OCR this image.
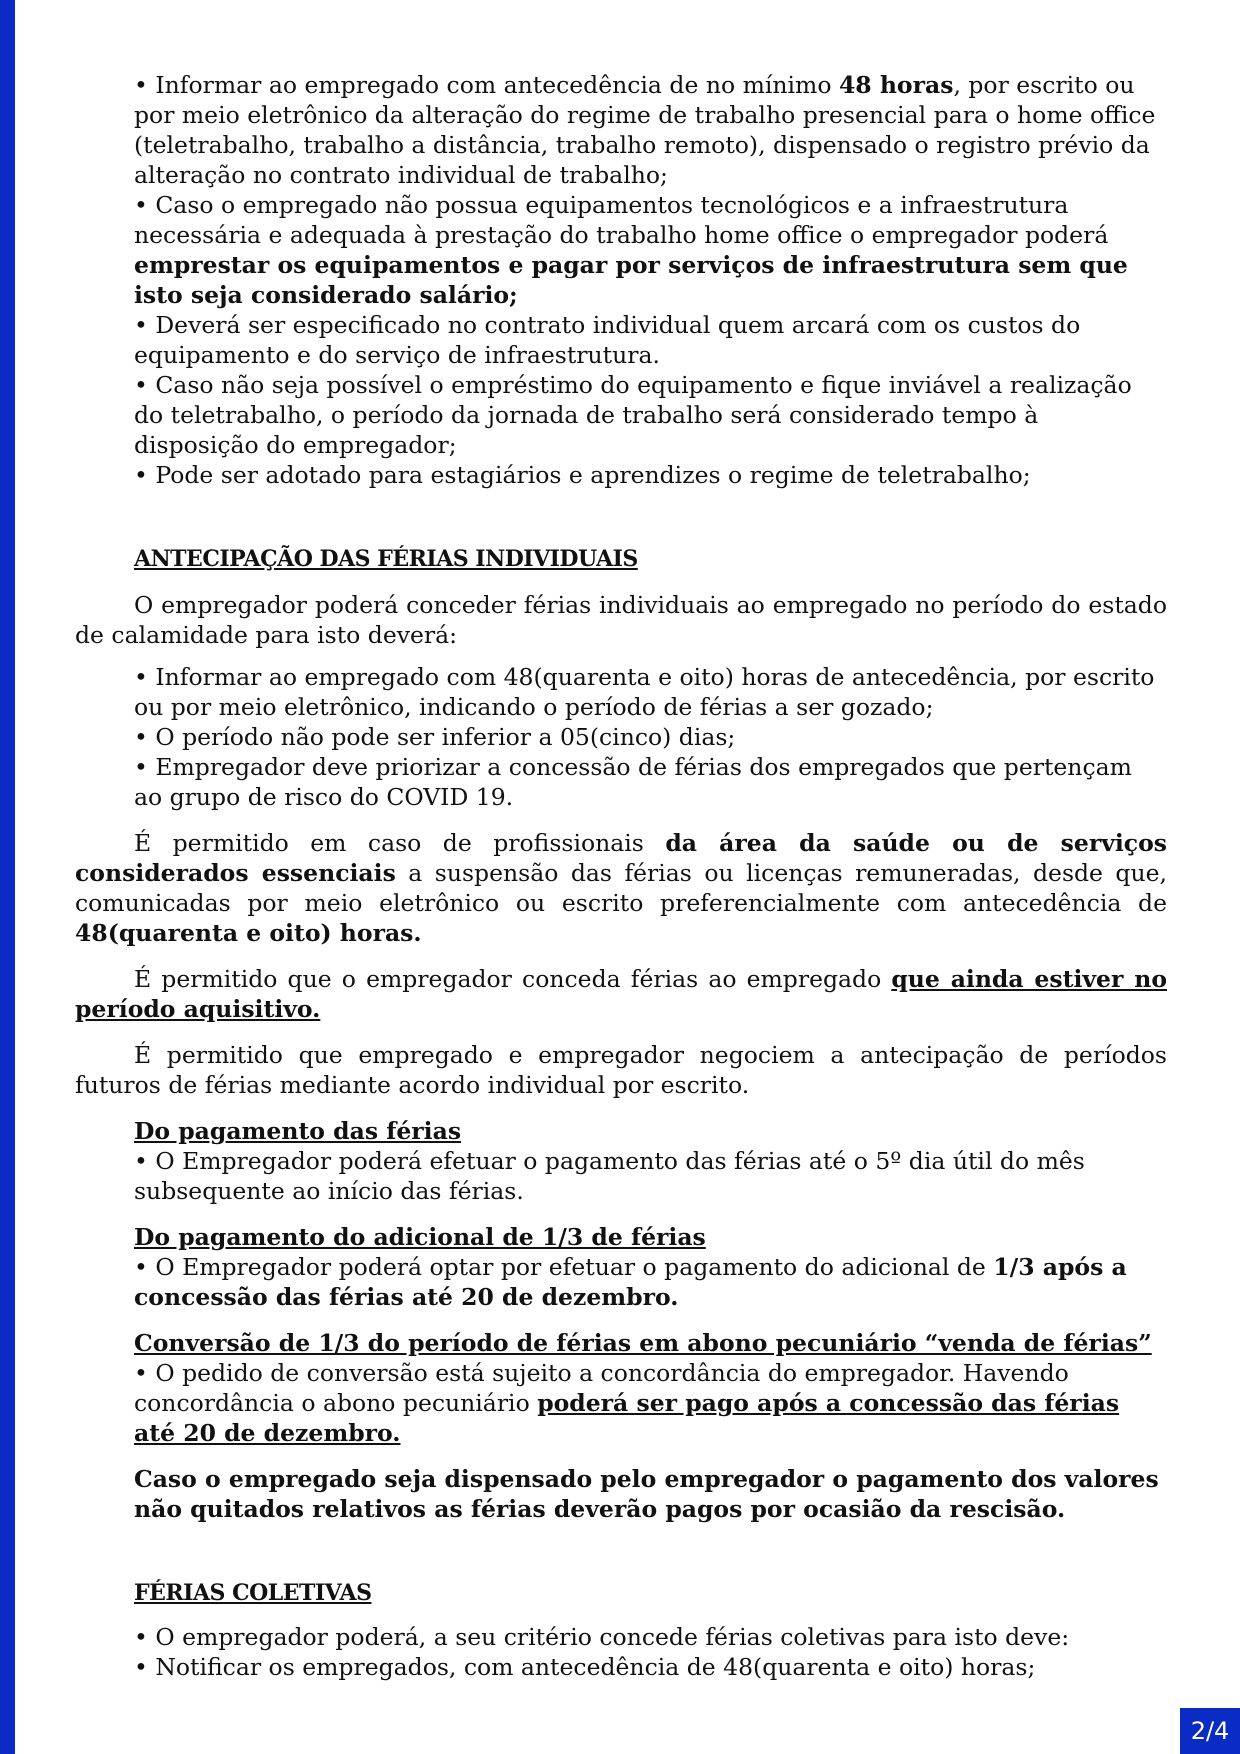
• Informar ao empregado com antecedência de no mínimo 48 horas, por escrito ou por meio eletrônico da alteração do regime de trabalho presencial para o home office (teletrabalho, trabalho a distância, trabalho remoto), dispensado o registro prévio da alteração no contrato individual de trabalho;

• Caso o empregado não possua equipamentos tecnológicos e a infraestrutura necessária e adequada à prestação do trabalho home office o empregador poderá emprestar os equipamentos e pagar por serviços de infraestrutura sem que isto seja considerado salário;

• Deverá ser especificado no contrato individual quem arcará com os custos do equipamento e do serviço de infraestrutura.

• Caso não seja possível o empréstimo do equipamento e fique inviável a realização do teletrabalho, o período da jornada de trabalho será considerado tempo à disposição do empregador;

• Pode ser adotado para estagiários e aprendizes o regime de teletrabalho;

ANTECIPAÇÃO DAS FÉRIAS INDIVIDUAIS

O empregador poderá conceder férias individuais ao empregado no período do estado de calamidade para isto deverá:

• Informar ao empregado com 48(quarenta e oito) horas de antecedência, por escrito ou por meio eletrônico, indicando o período de férias a ser gozado;

• O período não pode ser inferior a 05(cinco) dias;

• Empregador deve priorizar a concessão de férias dos empregados que pertençam ao grupo de risco do COVID 19.

É permitido em caso de profissionais da área da saúde ou de serviços considerados essenciais a suspensão das férias ou licenças remuneradas, desde que, comunicadas por meio eletrônico ou escrito preferencialmente com antecedência de 48(quarenta e oito) horas.

É permitido que o empregador conceda férias ao empregado que ainda estiver no período aquisitivo.

É permitido que empregado e empregador negociem a antecipação de períodos futuros de férias mediante acordo individual por escrito.

Do pagamento das férias

• O Empregador poderá efetuar o pagamento das férias até o 5º dia útil do mês subsequente ao início das férias.

Do pagamento do adicional de 1/3 de férias

• O Empregador poderá optar por efetuar o pagamento do adicional de 1/3 após a concessão das férias até 20 de dezembro.

Conversão de 1/3 do período de férias em abono pecuniário “venda de férias”

• O pedido de conversão está sujeito a concordância do empregador. Havendo concordância o abono pecuniário poderá ser pago após a concessão das férias até 20 de dezembro.

Caso o empregado seja dispensado pelo empregador o pagamento dos valores não quitados relativos as férias deverão pagos por ocasião da rescisão.

FÉRIAS COLETIVAS

• O empregador poderá, a seu critério concede férias coletivas para isto deve:

• Notificar os empregados, com antecedência de 48(quarenta e oito) horas;

2/4
